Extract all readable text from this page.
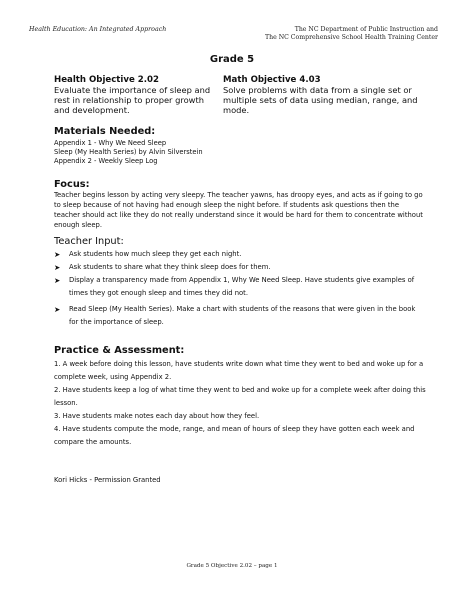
Health Education: An Integrated Approach	The NC Department of Public Instruction and
The NC Comprehensive School Health Training Center
Grade 5
Health Objective 2.02

Evaluate the importance of sleep and rest in relationship to proper growth and development.

Math Objective 4.03

Solve problems with data from a single set or multiple sets of data using median, range, and mode.

Materials Needed:
Appendix 1 - Why We Need Sleep
Sleep (My Health Series) by Alvin Silverstein
Appendix 2 - Weekly Sleep Log
Focus:

Teacher begins lesson by acting very sleepy. The teacher yawns, has droopy eyes, and acts as if going to go to sleep because of not having had enough sleep the night before. If students ask questions then the teacher should act like they do not really understand since it would be hard for them to concentrate without enough sleep.

Teacher Input:
➤ Ask students how much sleep they get each night.
➤ Ask students to share what they think sleep does for them.
➤ Display a transparency made from Appendix 1, Why We Need Sleep. Have students give examples of times they got enough sleep and times they did not.
➤ Read Sleep (My Health Series). Make a chart with students of the reasons that were given in the book for the importance of sleep.
Practice & Assessment:
1. A week before doing this lesson, have students write down what time they went to bed and woke up for a complete week, using Appendix 2.
2. Have students keep a log of what time they went to bed and woke up for a complete week after doing this lesson.
3. Have students make notes each day about how they feel.
4. Have students compute the mode, range, and mean of hours of sleep they have gotten each week and compare the amounts.
Kori Hicks - Permission Granted
Grade 5 Objective 2.02 – page 1
